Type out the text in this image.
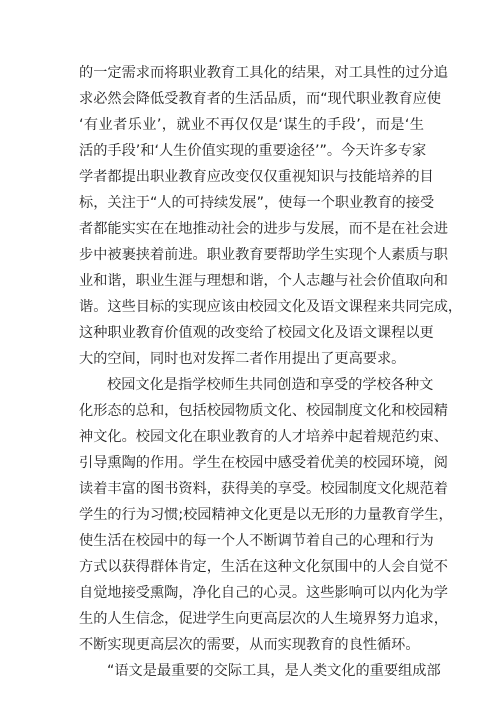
的一定需求而将职业教育工具化的结果，对工具性的过分追
求必然会降低受教育者的生活品质，而“现代职业教育应使
‘有业者乐业’，就业不再仅仅是‘谋生的手段’，而是‘生
活的手段’和‘人生价值实现的重要途径’”。今天许多专家
学者都提出职业教育应改变仅仅重视知识与技能培养的目
标，关注于“人的可持续发展”，使每一个职业教育的接受
者都能实实在在地推动社会的进步与发展，而不是在社会进
步中被裹挟着前进。职业教育要帮助学生实现个人素质与职
业和谐，职业生涯与理想和谐，个人志趣与社会价值取向和
谐。这些目标的实现应该由校园文化及语文课程来共同完成，
这种职业教育价值观的改变给了校园文化及语文课程以更
大的空间，同时也对发挥二者作用提出了更高要求。
校园文化是指学校师生共同创造和享受的学校各种文
化形态的总和，包括校园物质文化、校园制度文化和校园精
神文化。校园文化在职业教育的人才培养中起着规范约束、
引导熏陶的作用。学生在校园中感受着优美的校园环境，阅
读着丰富的图书资料，获得美的享受。校园制度文化规范着
学生的行为习惯;校园精神文化更是以无形的力量教育学生，
使生活在校园中的每一个人不断调节着自己的心理和行为
方式以获得群体肯定，生活在这种文化氛围中的人会自觉不
自觉地接受熏陶，净化自己的心灵。这些影响可以内化为学
生的人生信念，促进学生向更高层次的人生境界努力追求，
不断实现更高层次的需要，从而实现教育的良性循环。
“语文是最重要的交际工具，是人类文化的重要组成部
